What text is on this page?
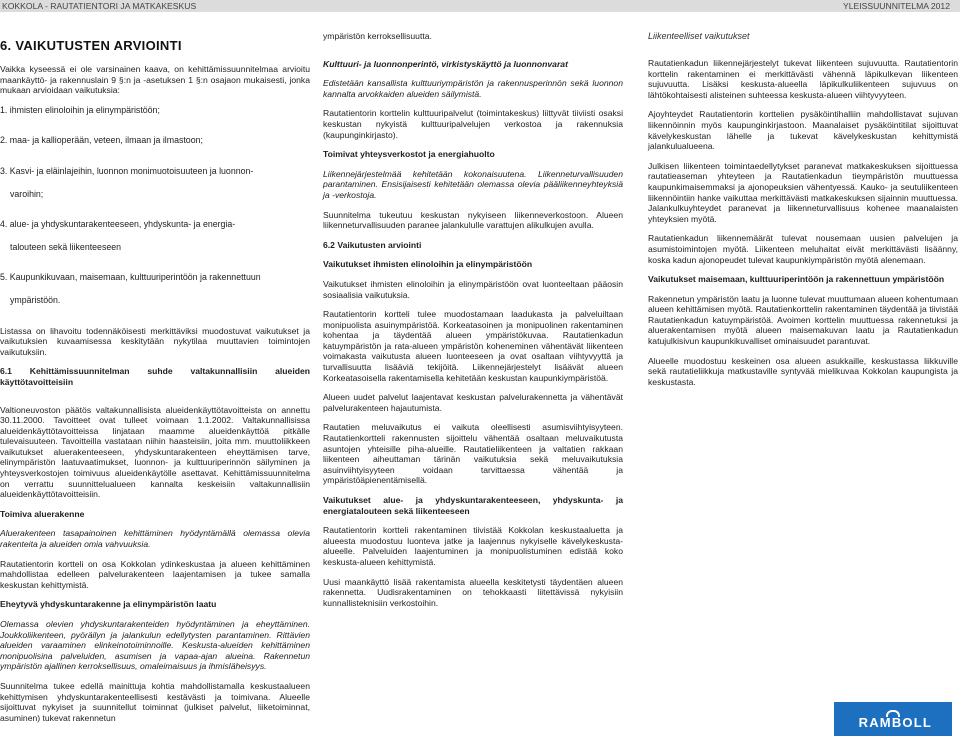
KOKKOLA - RAUTATIENTORI JA MATKAKESKUS	YLEISSUUNNITELMA 2012
6. VAIKUTUSTEN ARVIOINTI

Vaikka kyseessä ei ole varsinainen kaava, on kehittämissuunnitelmaa arvioitu maankäyttö- ja rakennuslain 9 §:n ja -asetuksen 1 §:n osajaon mukaisesti, jonka mukaan arvioidaan vaikutuksia:

1. ihmisten elinoloihin ja elinympäristöön;
2. maa- ja kallioperään, veteen, ilmaan ja ilmastoon;
3. Kasvi- ja eläinlajeihin, luonnon monimuotoisuuteen ja luonnon-
varoihin;
4. alue- ja yhdyskuntarakenteeseen, yhdyskunta- ja energia-
talouteen sekä liikenteeseen
5. Kaupunkikuvaan, maisemaan, kulttuuriperintöön ja rakennettuun
ympäristöön.

Listassa on lihavoitu todennäköisesti merkittäviksi muodostuvat vaikutukset ja vaikutuksien kuvaamisessa keskitytään nykytilaa muuttavien toimintojen vaikutuksiin.

6.1 Kehittämissuunnitelman suhde valtakunnallisiin alueiden käyttötavoitteisiin

Valtioneuvoston päätös valtakunnallisista alueidenkäyttötavoitteista on annettu 30.11.2000. Tavoitteet ovat tulleet voimaan 1.1.2002. Valtakunnallisissa alueidenkäyttötavoitteissa linjataan maamme alueidenkäyttöä pitkälle tulevaisuuteen. Tavoitteilla vastataan niihin haasteisiin, joita mm. muuttoliikkeen vaikutukset aluerakenteeseen, yhdyskuntarakenteen eheyttämisen tarve, elinympäristön laatuvaatimukset, luonnon- ja kulttuuriperinnön säilyminen ja yhteysverkostojen toimivuus alueidenkäytölle asettavat. Kehittämissuunnitelma on verrattu suunnittelualueen kannalta keskeisiin valtakunnallisiin alueidenkäyttötavoitteisiin.

Toimiva aluerakenne

Aluerakenteen tasapainoinen kehittäminen hyödyntämällä olemassa olevia rakenteita ja alueiden omia vahvuuksia.

Rautatientorin kortteli on osa Kokkolan ydinkeskustaa ja alueen kehittäminen mahdollistaa edelleen palvelurakenteen laajentamisen ja tukee samalla keskustan kehittymistä.

Eheytyvä yhdyskuntarakenne ja elinympäristön laatu

Olemassa olevien yhdyskuntarakenteiden hyödyntäminen ja eheyttäminen. Joukkoliikenteen, pyöräilyn ja jalankulun edellytysten parantaminen. Rittävien alueiden varaaminen elinkeinotoiminnoille. Keskusta-alueiden kehittäminen monipuolisina palveluiden, asumisen ja vapaa-ajan alueina. Rakennetun ympäristön ajallinen kerroksellisuus, omaleimaisuus ja ihmisläheisyys.

Suunnitelma tukee edellä mainittuja kohtia mahdollistamalla keskustaalueen kehittymisen yhdyskuntarakenteellisesti kestävästi ja toimivana. Alueelle sijoittuvat nykyiset ja suunnitellut toiminnat (julkiset palvelut, liiketoiminnat, asuminen) tukevat rakennetun

ympäristön kerroksellisuutta.

Kulttuuri- ja luonnonperintö, virkistyskäyttö ja luonnonvarat

Edistetään kansallista kulttuuriympäristön ja rakennusperinnön sekä luonnon kannalta arvokkaiden alueiden säilymistä.

Rautatientorin korttelin kulttuuripalvelut (toimintakeskus) liittyvät tiiviisti osaksi keskustan nykyistä kulttuuripalvelujen verkostoa ja rakennuksia (kaupunginkirjasto).

Toimivat yhteysverkostot ja energiahuolto

Liikennejärjestelmää kehitetään kokonaisuutena. Liikenneturvallisuuden parantaminen. Ensisijaisesti kehitetään olemassa olevia pääliikenneyhteyksiä ja -verkostoja.

Suunnitelma tukeutuu keskustan nykyiseen liikenneverkostoon. Alueen liikenneturvallisuuden paranee jalankululle varattujen alikulkujen avulla.

6.2 Vaikutusten arviointi

Vaikutukset ihmisten elinoloihin ja elinympäristöön

Vaikutukset ihmisten elinoloihin ja elinympäristöön ovat luonteeltaan pääosin sosiaalisia vaikutuksia.

Rautatientorin kortteli tulee muodostamaan laadukasta ja palveluiltaan monipuolista asuinympäristöä. Korkeatasoinen ja monipuolinen rakentaminen kohentaa ja täydentää alueen ympäristökuvaa. Rautatienkadun katuympäristön ja rata-alueen ympäristön koheneminen vähentävät liikenteen voimakasta vaikutusta alueen luonteeseen ja ovat osaltaan viihtyvyyttä ja turvallisuutta lisääviä tekijöitä. Liikennejärjestelyt lisäävät alueen Korkeatasoisella rakentamisella kehitetään keskustan kaupunkiympäristöä.

Alueen uudet palvelut laajentavat keskustan palvelurakennetta ja vähentävät palvelurakenteen hajautumista.

Rautatien meluvaikutus ei vaikuta oleellisesti asumisviihtyisyyteen. Rautatienkortteli rakennusten sijoittelu vähentää osaltaan meluvaikutusta asuntojen yhteisille piha-alueille. Rautatieliikenteen ja valtatien rakkaan liikenteen aiheuttaman tärinän vaikutuksia sekä meluvaikutuksia asuinviihtyisyyteen voidaan tarvittaessa vähentää ja ympäristöäpienentämisellä.

Vaikutukset alue- ja yhdyskuntarakenteeseen, yhdyskunta- ja energiatalouteen sekä liikenteeseen

Rautatientorin kortteli rakentaminen tiivistää Kokkolan keskustaaluetta ja alueesta muodostuu luonteva jatke ja laajennus nykyiselle kävelykeskusta-alueelle. Palveluiden laajentuminen ja monipuolistuminen edistää koko keskusta-alueen kehittymistä.

Uusi maankäyttö lisää rakentamista alueella keskitetysti täydentäen alueen rakennetta. Uudisrakentaminen on tehokkaasti liitettävissä nykyisiin kunnallisteknisiin verkostoihin.

Liikenteelliset vaikutukset

Rautatienkadun liikennejärjestelyt tukevat liikenteen sujuvuutta. Rautatientorin korttelin rakentaminen ei merkittävästi vähennä läpikulkevan liikenteen sujuvuutta. Lisäksi keskusta-alueella läpikulkuliikenteen sujuvuus on lähtökohtaisesti alisteinen suhteessa keskusta-alueen viihtyvyyteen.

Ajoyhteydet Rautatientorin korttelien pysäköintihalliin mahdollistavat sujuvan liikennöinnin myös kaupunginkirjastoon. Maanalaiset pysäköintitilat sijoittuvat kävelykeskustan lähelle ja tukevat kävelykeskustan kehittymistä jalankulualueena.

Julkisen liikenteen toimintaedellytykset paranevat matkakeskuksen sijoittuessa rautatieaseman yhteyteen ja Rautatienkadun tieympäristön muuttuessa kaupunkimaisemmaksi ja ajonopeuksien vähentyessä. Kauko- ja seutuliikenteen liikennöintiin hanke vaikuttaa merkittävästi matkakeskuksen sijainnin muuttuessa. Jalankulkuyhteydet paranevat ja liikenneturvallisuus kohenee maanalaisten yhteyksien myötä.

Rautatienkadun liikennemäärät tulevat nousemaan uusien palvelujen ja asumistoimintojen myötä. Liikenteen meluhaitat eivät merkittävästi lisäänny, koska kadun ajonopeudet tulevat kaupunkiympäristön myötä alenemaan.

Vaikutukset maisemaan, kulttuuriperintöön ja rakennettuun ympäristöön

Rakennetun ympäristön laatu ja luonne tulevat muuttumaan alueen kohentumaan alueen kehittämisen myötä. Rautatienkorttelin rakentaminen täydentää ja tiivistää Rautatienkadun katuympäristöä. Avoimen korttelin muuttuessa rakennetuksi ja aluerakentamisen myötä alueen maisemakuvan laatu ja Rautatienkadun katujulkisivun kaupunkikuvalliset ominaisuudet parantuvat.

Alueelle muodostuu keskeinen osa alueen asukkaille, keskustassa liikkuville sekä rautatieliikkuja matkustaville syntyvää mielikuvaa Kokkolan kaupungista ja keskustasta.

RAMBOLL
